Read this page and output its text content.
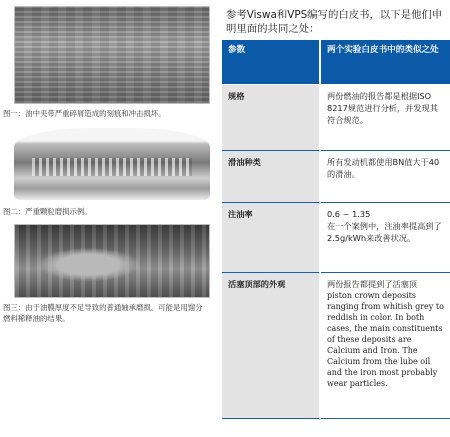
图一：油中夹带严重碎屑造成的刻痕和冲击损坏。
图二：严重颗粒磨损示例。
图三：由于油膜厚度不足导致的普通轴承磨损。可能是用馏分燃料稀释油的结果。
参考Viswa和VPS编写的白皮书，以下是他们申明里面的共同之处：
参数	两个实验白皮书中的类似之处
规格	两份燃油的报告都是根据ISO 8217规范进行分析，并发现其符合规范。
滑油种类	所有发动机都使用BN值大于40的滑油。
注油率	0.6 ~ 1.35
在一个案例中，注油率提高到了2.5g/kWh来改善状况。
活塞顶部的外观	两份报告都提到了活塞顶
piston crown deposits ranging from whitish grey to reddish in color. In both cases, the main constituents of these deposits are Calcium and Iron. The Calcium from the lube oil and the iron most probably wear particles.
